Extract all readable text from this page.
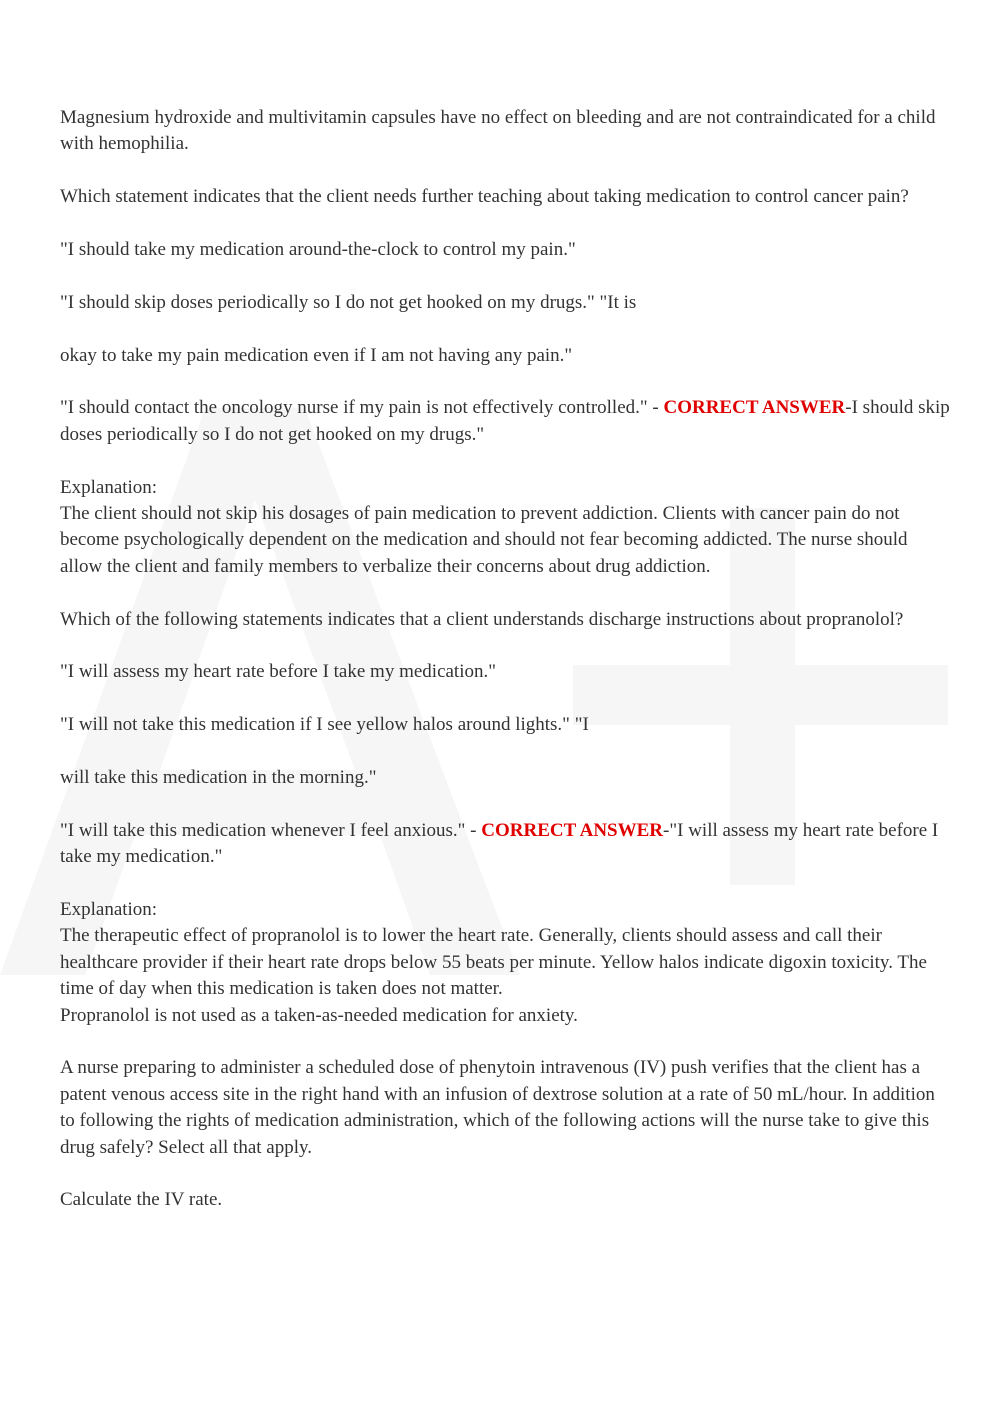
Magnesium hydroxide and multivitamin capsules have no effect on bleeding and are not contraindicated for a child with hemophilia.

Which statement indicates that the client needs further teaching about taking medication to control cancer pain?

"I should take my medication around-the-clock to control my pain."

"I should skip doses periodically so I do not get hooked on my drugs." "It is

okay to take my pain medication even if I am not having any pain."

"I should contact the oncology nurse if my pain is not effectively controlled." - CORRECT ANSWER-I should skip doses periodically so I do not get hooked on my drugs."

Explanation:

The client should not skip his dosages of pain medication to prevent addiction. Clients with cancer pain do not become psychologically dependent on the medication and should not fear becoming addicted. The nurse should allow the client and family members to verbalize their concerns about drug addiction.

Which of the following statements indicates that a client understands discharge instructions about propranolol?

"I will assess my heart rate before I take my medication."

"I will not take this medication if I see yellow halos around lights." "I

will take this medication in the morning."

"I will take this medication whenever I feel anxious." - CORRECT ANSWER-"I will assess my heart rate before I take my medication."

Explanation:

The therapeutic effect of propranolol is to lower the heart rate. Generally, clients should assess and call their healthcare provider if their heart rate drops below 55 beats per minute. Yellow halos indicate digoxin toxicity. The time of day when this medication is taken does not matter.

Propranolol is not used as a taken-as-needed medication for anxiety.

A nurse preparing to administer a scheduled dose of phenytoin intravenous (IV) push verifies that the client has a patent venous access site in the right hand with an infusion of dextrose solution at a rate of 50 mL/hour. In addition to following the rights of medication administration, which of the following actions will the nurse take to give this drug safely? Select all that apply.

Calculate the IV rate.
